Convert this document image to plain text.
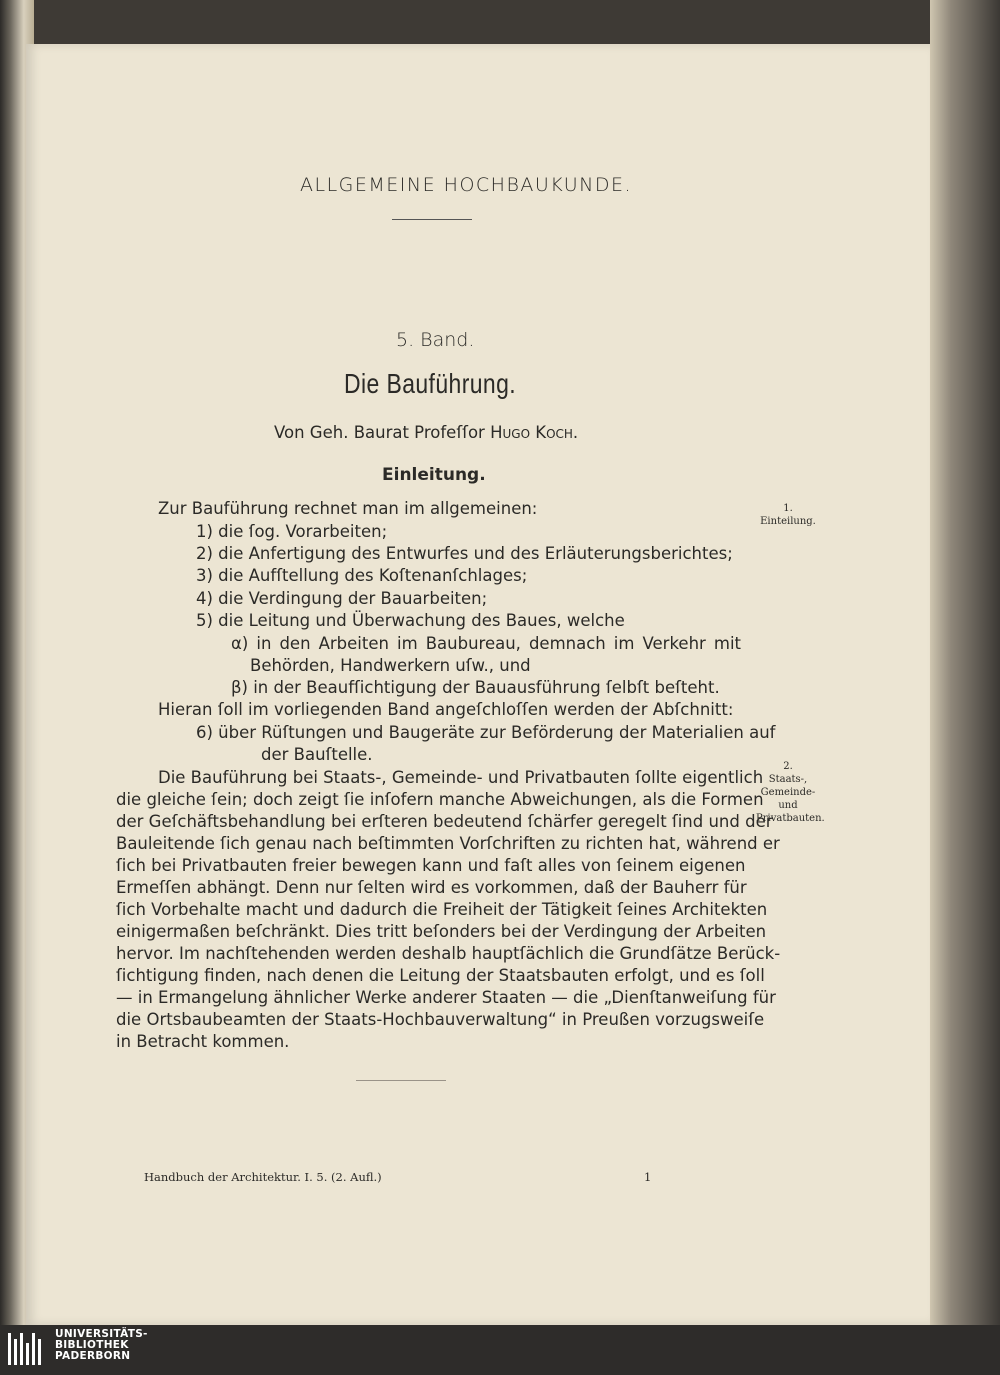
ALLGEMEINE HOCHBAUKUNDE.
5. Band.
Die Bauführung.
Von Geh. Baurat Profeſſor Hugo Koch.
Einleitung.
Zur Bauführung rechnet man im allgemeinen:
1) die ſog. Vorarbeiten;
2) die Anfertigung des Entwurfes und des Erläuterungsberichtes;
3) die Aufſtellung des Koſtenanſchlages;
4) die Verdingung der Bauarbeiten;
5) die Leitung und Überwachung des Baues, welche
α) in den Arbeiten im Baubureau, demnach im Verkehr mit
Behörden, Handwerkern uſw., und
β) in der Beaufſichtigung der Bauausführung ſelbſt beſteht.
Hieran ſoll im vorliegenden Band angeſchloſſen werden der Abſchnitt:
6) über Rüſtungen und Baugeräte zur Beförderung der Materialien auf
der Bauſtelle.
Die Bauführung bei Staats-, Gemeinde- und Privatbauten ſollte eigentlich
die gleiche ſein; doch zeigt ſie inſofern manche Abweichungen, als die Formen
der Geſchäftsbehandlung bei erſteren bedeutend ſchärfer geregelt ſind und der
Bauleitende ſich genau nach beſtimmten Vorſchriften zu richten hat, während er
ſich bei Privatbauten freier bewegen kann und faſt alles von ſeinem eigenen
Ermeſſen abhängt. Denn nur ſelten wird es vorkommen, daß der Bauherr für
ſich Vorbehalte macht und dadurch die Freiheit der Tätigkeit ſeines Architekten
einigermaßen beſchränkt. Dies tritt beſonders bei der Verdingung der Arbeiten
hervor. Im nachſtehenden werden deshalb hauptſächlich die Grundſätze Berück-
ſichtigung finden, nach denen die Leitung der Staatsbauten erfolgt, und es ſoll
— in Ermangelung ähnlicher Werke anderer Staaten — die „Dienſtanweiſung für
die Ortsbaubeamten der Staats-Hochbauverwaltung“ in Preußen vorzugsweiſe
in Betracht kommen.
1.
Einteilung.
2.
Staats-, Gemeinde- und Privatbauten.
Handbuch der Architektur. I. 5. (2. Aufl.)	1
UNIVERSITÄTS-
BIBLIOTHEK
PADERBORN
